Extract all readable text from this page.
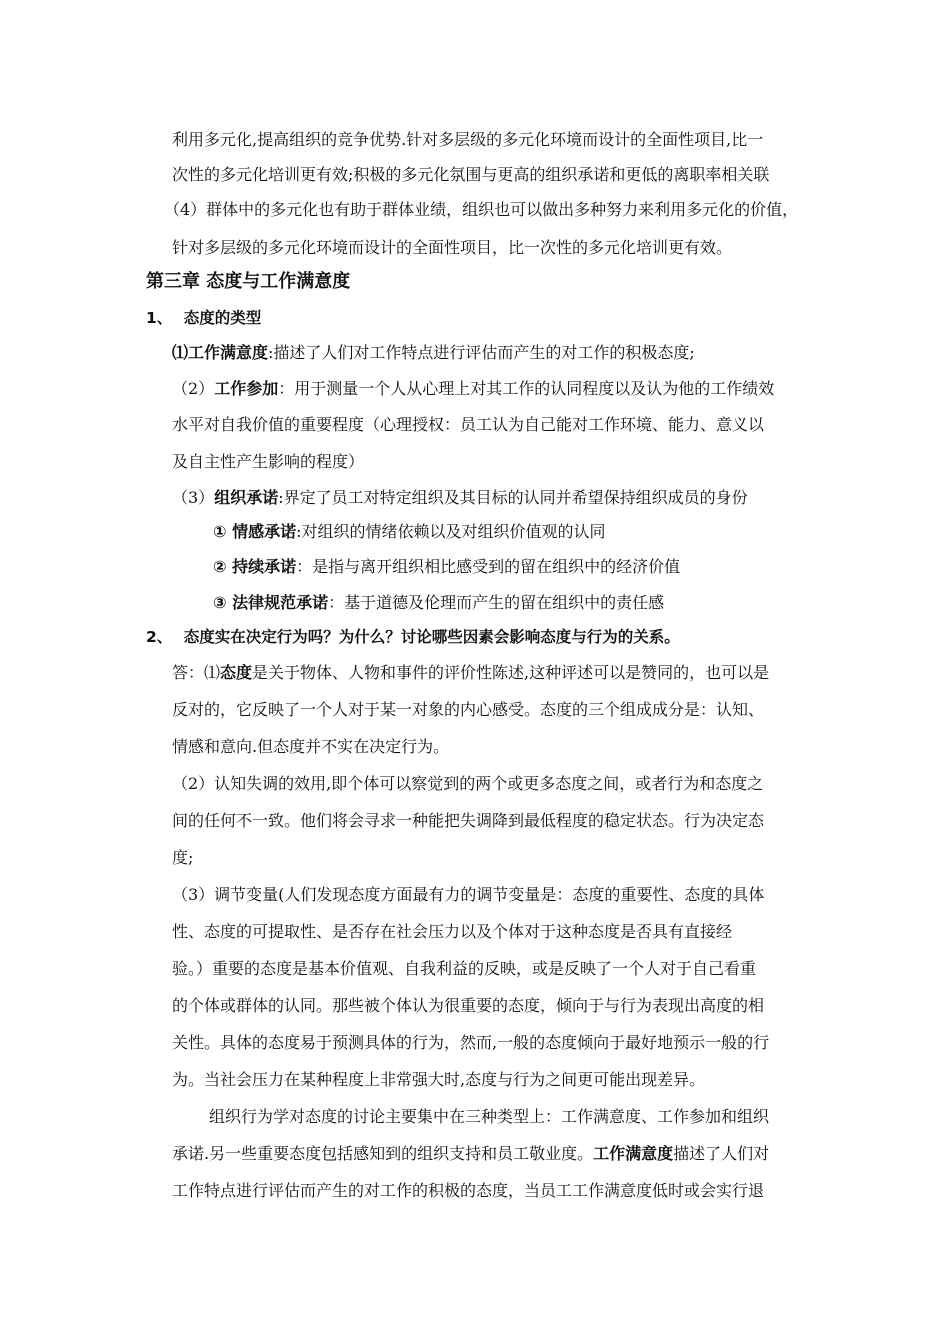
利用多元化,提高组织的竞争优势.针对多层级的多元化环境而设计的全面性项目,比一
次性的多元化培训更有效;积极的多元化氛围与更高的组织承诺和更低的离职率相关联
（4）群体中的多元化也有助于群体业绩，组织也可以做出多种努力来利用多元化的价值，
针对多层级的多元化环境而设计的全面性项目，比一次性的多元化培训更有效。
第三章 态度与工作满意度
1、 态度的类型
⑴工作满意度:描述了人们对工作特点进行评估而产生的对工作的积极态度;
（2）工作参加：用于测量一个人从心理上对其工作的认同程度以及认为他的工作绩效
水平对自我价值的重要程度（心理授权：员工认为自己能对工作环境、能力、意义以
及自主性产生影响的程度）
（3）组织承诺:界定了员工对特定组织及其目标的认同并希望保持组织成员的身份
① 情感承诺:对组织的情绪依赖以及对组织价值观的认同
② 持续承诺：是指与离开组织相比感受到的留在组织中的经济价值
③ 法律规范承诺：基于道德及伦理而产生的留在组织中的责任感
2、 态度实在决定行为吗？为什么？讨论哪些因素会影响态度与行为的关系。
答：⑴态度是关于物体、人物和事件的评价性陈述,这种评述可以是赞同的，也可以是
反对的，它反映了一个人对于某一对象的内心感受。态度的三个组成成分是：认知、
情感和意向.但态度并不实在决定行为。
（2）认知失调的效用,即个体可以察觉到的两个或更多态度之间，或者行为和态度之
间的任何不一致。他们将会寻求一种能把失调降到最低程度的稳定状态。行为决定态
度;
（3）调节变量(人们发现态度方面最有力的调节变量是：态度的重要性、态度的具体
性、态度的可提取性、是否存在社会压力以及个体对于这种态度是否具有直接经
验。）重要的态度是基本价值观、自我利益的反映，或是反映了一个人对于自己看重
的个体或群体的认同。那些被个体认为很重要的态度，倾向于与行为表现出高度的相
关性。具体的态度易于预测具体的行为，然而,一般的态度倾向于最好地预示一般的行
为。当社会压力在某种程度上非常强大时,态度与行为之间更可能出现差异。
组织行为学对态度的讨论主要集中在三种类型上：工作满意度、工作参加和组织
承诺.另一些重要态度包括感知到的组织支持和员工敬业度。工作满意度描述了人们对
工作特点进行评估而产生的对工作的积极的态度，当员工工作满意度低时或会实行退
